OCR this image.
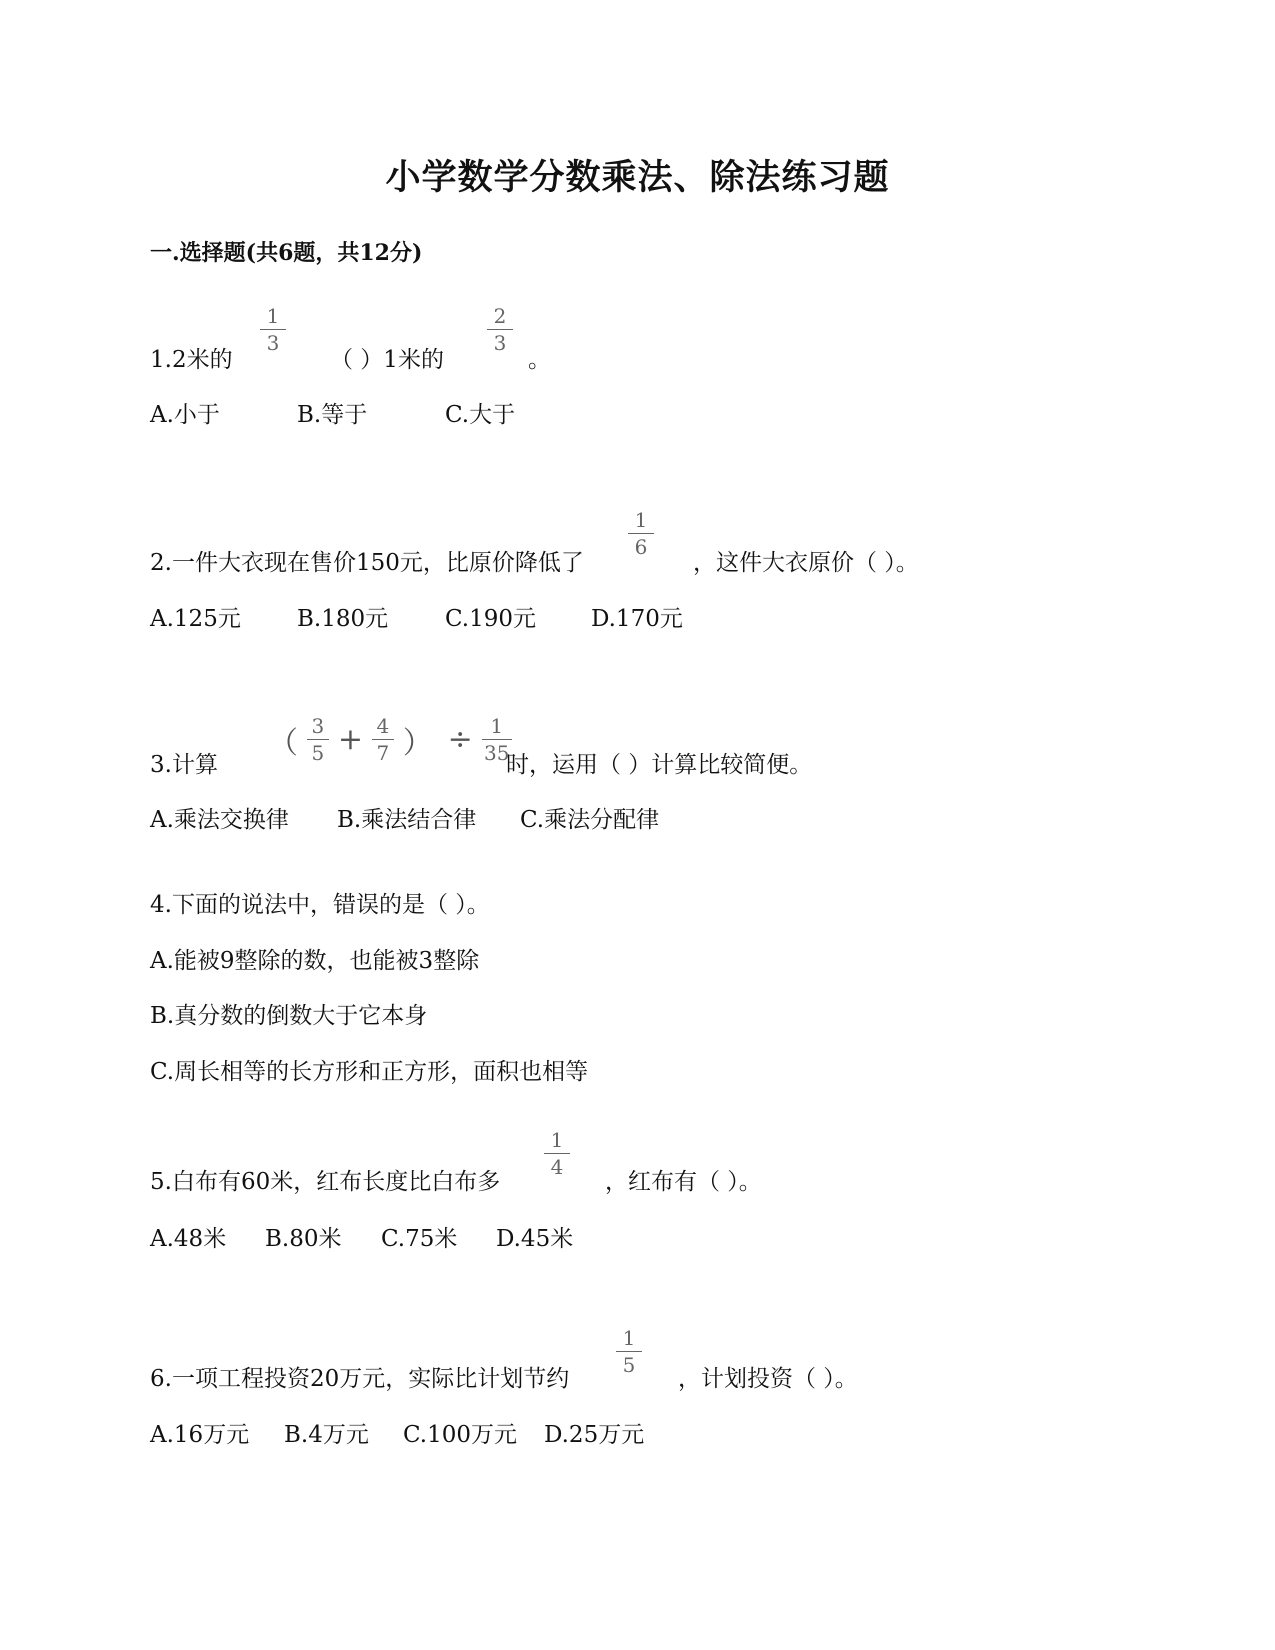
小学数学分数乘法、除法练习题
一.选择题(共6题，共12分)
1.2米的	（ ）1米的	。
1
3
2
3
A.小于	B.等于	C.大于
2.一件大衣现在售价150元，比原价降低了	，这件大衣原价（ ）。
1
6
A.125元 B.180元 C.190元 D.170元
3.计算	时，运用（ ）计算比较简便。
（ $\frac{3}{5} + \frac{4}{7}$ ） ÷ $\frac{1}{35}$
A.乘法交换律 B.乘法结合律 C.乘法分配律
4.下面的说法中，错误的是（ ）。
A.能被9整除的数，也能被3整除
B.真分数的倒数大于它本身
C.周长相等的长方形和正方形，面积也相等
5.白布有60米，红布长度比白布多	，红布有（ ）。
1
4
A.48米 B.80米 C.75米 D.45米
6.一项工程投资20万元，实际比计划节约	，计划投资（ ）。
1
5
A.16万元 B.4万元 C.100万元 D.25万元
